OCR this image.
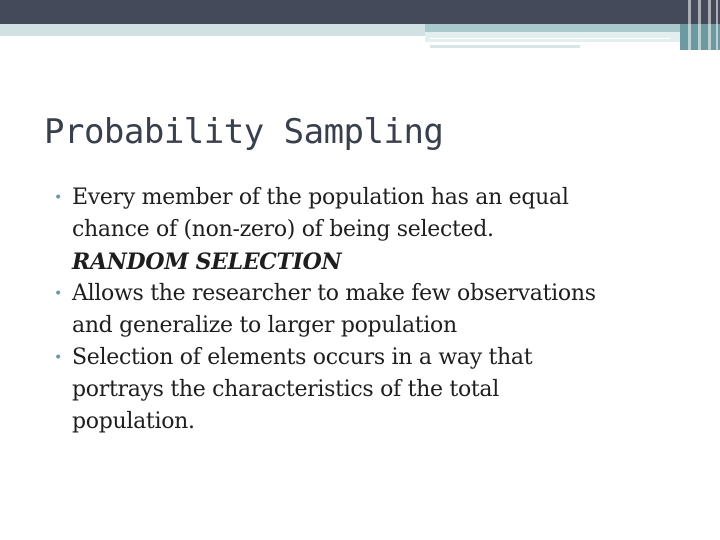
Probability Sampling
• Every member of the population has an equal
chance of (non-zero) of being selected.
RANDOM SELECTION
• Allows the researcher to make few observations
and generalize to larger population
• Selection of elements occurs in a way that
portrays the characteristics of the total
population.
